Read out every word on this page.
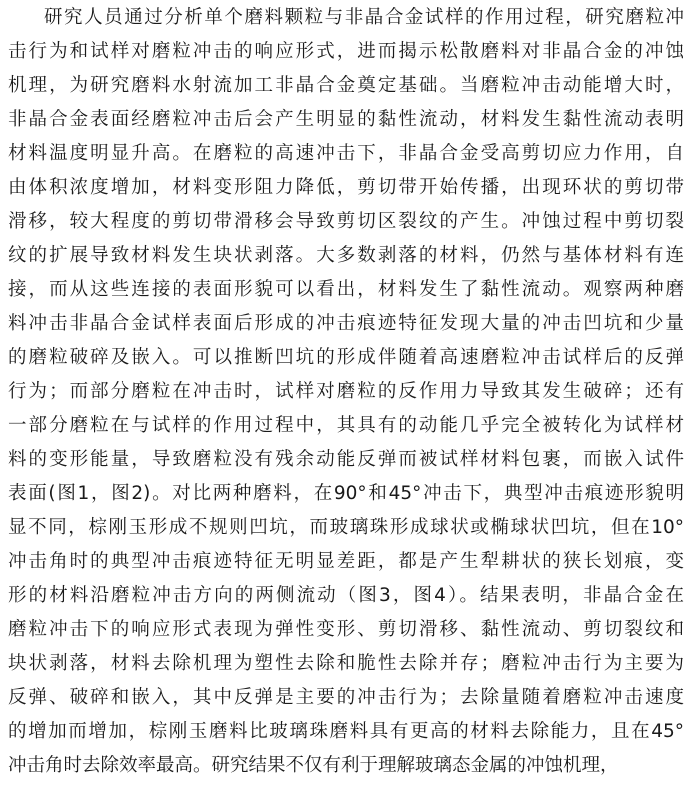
研究人员通过分析单个磨料颗粒与非晶合金试样的作用过程，研究磨粒冲
击行为和试样对磨粒冲击的响应形式，进而揭示松散磨料对非晶合金的冲蚀
机理，为研究磨料水射流加工非晶合金奠定基础。当磨粒冲击动能增大时，
非晶合金表面经磨粒冲击后会产生明显的黏性流动，材料发生黏性流动表明
材料温度明显升高。在磨粒的高速冲击下，非晶合金受高剪切应力作用，自
由体积浓度增加，材料变形阻力降低，剪切带开始传播，出现环状的剪切带
滑移，较大程度的剪切带滑移会导致剪切区裂纹的产生。冲蚀过程中剪切裂
纹的扩展导致材料发生块状剥落。大多数剥落的材料，仍然与基体材料有连
接，而从这些连接的表面形貌可以看出，材料发生了黏性流动。观察两种磨
料冲击非晶合金试样表面后形成的冲击痕迹特征发现大量的冲击凹坑和少量
的磨粒破碎及嵌入。可以推断凹坑的形成伴随着高速磨粒冲击试样后的反弹
行为；而部分磨粒在冲击时，试样对磨粒的反作用力导致其发生破碎；还有
一部分磨粒在与试样的作用过程中，其具有的动能几乎完全被转化为试样材
料的变形能量，导致磨粒没有残余动能反弹而被试样材料包裹，而嵌入试件
表面(图1，图2)。对比两种磨料，在90°和45°冲击下，典型冲击痕迹形貌明
显不同，棕刚玉形成不规则凹坑，而玻璃珠形成球状或椭球状凹坑，但在10°
冲击角时的典型冲击痕迹特征无明显差距，都是产生犁耕状的狭长划痕，变
形的材料沿磨粒冲击方向的两侧流动（图3，图4）。结果表明，非晶合金在
磨粒冲击下的响应形式表现为弹性变形、剪切滑移、黏性流动、剪切裂纹和
块状剥落，材料去除机理为塑性去除和脆性去除并存；磨粒冲击行为主要为
反弹、破碎和嵌入，其中反弹是主要的冲击行为；去除量随着磨粒冲击速度
的增加而增加，棕刚玉磨料比玻璃珠磨料具有更高的材料去除能力，且在45°
冲击角时去除效率最高。研究结果不仅有利于理解玻璃态金属的冲蚀机理，
